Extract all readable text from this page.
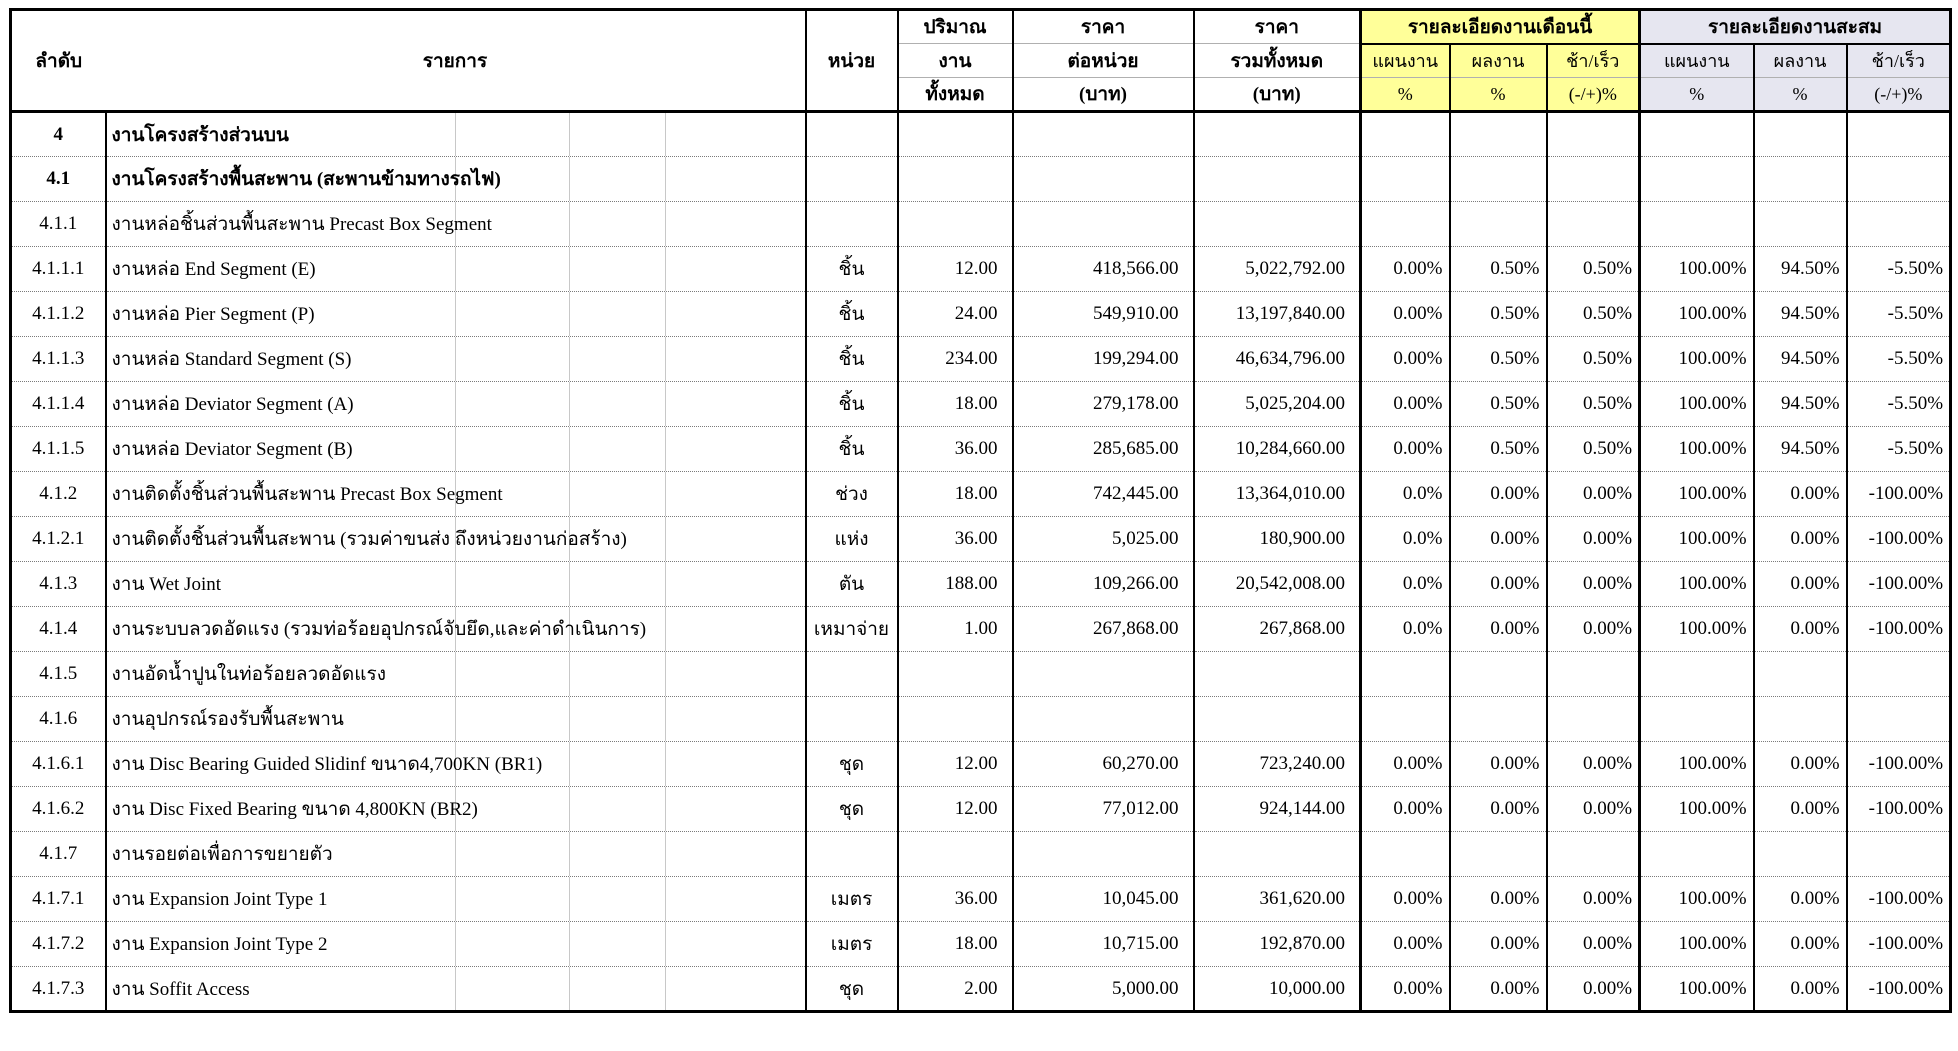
ลำดับ	รายการ	หน่วย	ปริมาณ	ราคา	ราคา	รายละเอียดงานเดือนนี้			รายละเอียดงานสะสม		
			งาน	ต่อหน่วย	รวมทั้งหมด	แผนงาน	ผลงาน	ช้า/เร็ว	แผนงาน	ผลงาน	ช้า/เร็ว
			ทั้งหมด	(บาท)	(บาท)	%	%	(-/+)%	%	%	(-/+)%
4	งานโครงสร้างส่วนบน										
4.1	งานโครงสร้างพื้นสะพาน (สะพานข้ามทางรถไฟ)										
4.1.1	งานหล่อชิ้นส่วนพื้นสะพาน Precast Box Segment										
4.1.1.1	งานหล่อ End Segment (E)	ชิ้น	12.00	418,566.00	5,022,792.00	0.00%	0.50%	0.50%	100.00%	94.50%	-5.50%
4.1.1.2	งานหล่อ Pier Segment (P)	ชิ้น	24.00	549,910.00	13,197,840.00	0.00%	0.50%	0.50%	100.00%	94.50%	-5.50%
4.1.1.3	งานหล่อ Standard Segment (S)	ชิ้น	234.00	199,294.00	46,634,796.00	0.00%	0.50%	0.50%	100.00%	94.50%	-5.50%
4.1.1.4	งานหล่อ Deviator Segment (A)	ชิ้น	18.00	279,178.00	5,025,204.00	0.00%	0.50%	0.50%	100.00%	94.50%	-5.50%
4.1.1.5	งานหล่อ Deviator Segment (B)	ชิ้น	36.00	285,685.00	10,284,660.00	0.00%	0.50%	0.50%	100.00%	94.50%	-5.50%
4.1.2	งานติดตั้งชิ้นส่วนพื้นสะพาน Precast Box Segment	ช่วง	18.00	742,445.00	13,364,010.00	0.0%	0.00%	0.00%	100.00%	0.00%	-100.00%
4.1.2.1	งานติดตั้งชิ้นส่วนพื้นสะพาน (รวมค่าขนส่ง ถึงหน่วยงานก่อสร้าง)	แห่ง	36.00	5,025.00	180,900.00	0.0%	0.00%	0.00%	100.00%	0.00%	-100.00%
4.1.3	งาน Wet Joint	ตัน	188.00	109,266.00	20,542,008.00	0.0%	0.00%	0.00%	100.00%	0.00%	-100.00%
4.1.4	งานระบบลวดอัดแรง (รวมท่อร้อยอุปกรณ์จับยึด,และค่าดำเนินการ)	เหมาจ่าย	1.00	267,868.00	267,868.00	0.0%	0.00%	0.00%	100.00%	0.00%	-100.00%
4.1.5	งานอัดน้ำปูนในท่อร้อยลวดอัดแรง										
4.1.6	งานอุปกรณ์รองรับพื้นสะพาน										
4.1.6.1	งาน Disc Bearing Guided Slidinf ขนาด4,700KN (BR1)	ชุด	12.00	60,270.00	723,240.00	0.00%	0.00%	0.00%	100.00%	0.00%	-100.00%
4.1.6.2	งาน Disc Fixed Bearing ขนาด 4,800KN (BR2)	ชุด	12.00	77,012.00	924,144.00	0.00%	0.00%	0.00%	100.00%	0.00%	-100.00%
4.1.7	งานรอยต่อเพื่อการขยายตัว										
4.1.7.1	งาน Expansion Joint Type 1	เมตร	36.00	10,045.00	361,620.00	0.00%	0.00%	0.00%	100.00%	0.00%	-100.00%
4.1.7.2	งาน Expansion Joint Type 2	เมตร	18.00	10,715.00	192,870.00	0.00%	0.00%	0.00%	100.00%	0.00%	-100.00%
4.1.7.3	งาน Soffit Access	ชุด	2.00	5,000.00	10,000.00	0.00%	0.00%	0.00%	100.00%	0.00%	-100.00%
